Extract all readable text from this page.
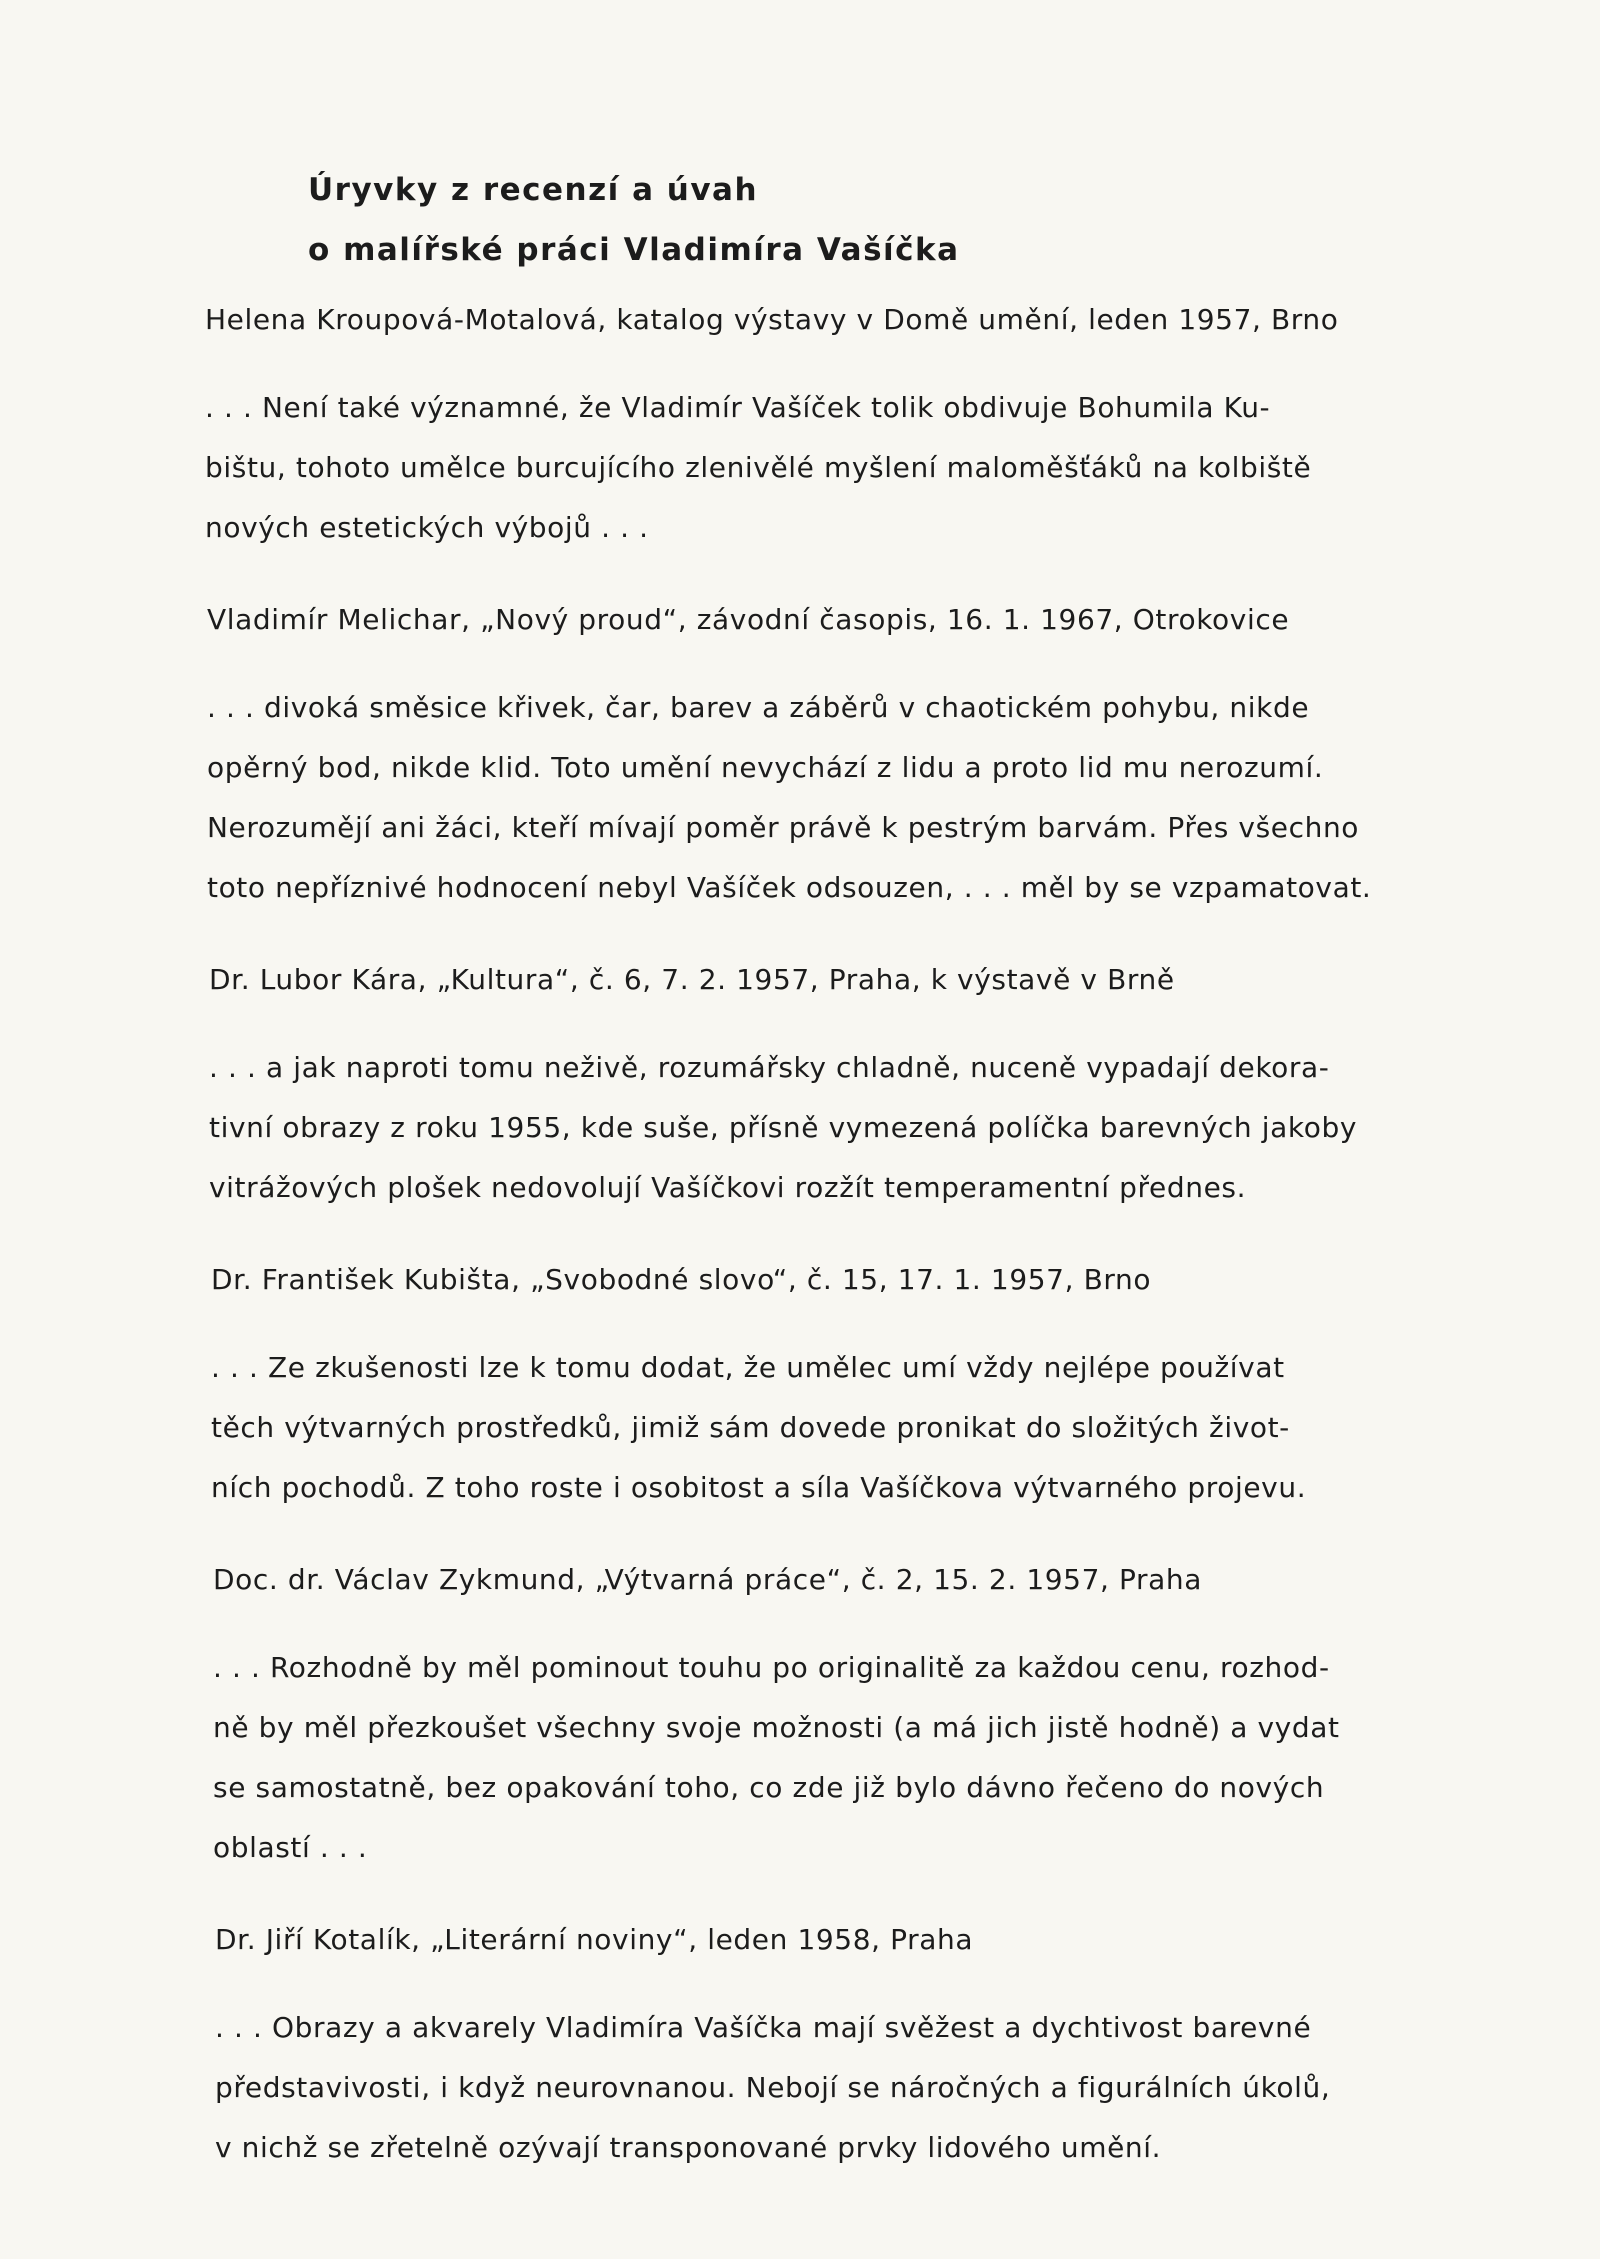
Úryvky z recenzí a úvah
o malířské práci Vladimíra Vašíčka

Helena Kroupová-Motalová, katalog výstavy v Domě umění, leden 1957, Brno

. . . Není také významné, že Vladimír Vašíček tolik obdivuje Bohumila Ku-
bištu, tohoto umělce burcujícího zlenivělé myšlení maloměšťáků na kolbiště
nových estetických výbojů . . .

Vladimír Melichar, „Nový proud“, závodní časopis, 16. 1. 1967, Otrokovice

. . . divoká směsice křivek, čar, barev a záběrů v chaotickém pohybu, nikde
opěrný bod, nikde klid. Toto umění nevychází z lidu a proto lid mu nerozumí.
Nerozumějí ani žáci, kteří mívají poměr právě k pestrým barvám. Přes všechno
toto nepříznivé hodnocení nebyl Vašíček odsouzen, . . . měl by se vzpamatovat.

Dr. Lubor Kára, „Kultura“, č. 6, 7. 2. 1957, Praha, k výstavě v Brně

. . . a jak naproti tomu neživě, rozumářsky chladně, nuceně vypadají dekora-
tivní obrazy z roku 1955, kde suše, přísně vymezená políčka barevných jakoby
vitrážových plošek nedovolují Vašíčkovi rozžít temperamentní přednes.

Dr. František Kubišta, „Svobodné slovo“, č. 15, 17. 1. 1957, Brno

. . . Ze zkušenosti lze k tomu dodat, že umělec umí vždy nejlépe používat
těch výtvarných prostředků, jimiž sám dovede pronikat do složitých život-
ních pochodů. Z toho roste i osobitost a síla Vašíčkova výtvarného projevu.

Doc. dr. Václav Zykmund, „Výtvarná práce“, č. 2, 15. 2. 1957, Praha

. . . Rozhodně by měl pominout touhu po originalitě za každou cenu, rozhod-
ně by měl přezkoušet všechny svoje možnosti (a má jich jistě hodně) a vydat
se samostatně, bez opakování toho, co zde již bylo dávno řečeno do nových
oblastí . . .

Dr. Jiří Kotalík, „Literární noviny“, leden 1958, Praha

. . . Obrazy a akvarely Vladimíra Vašíčka mají svěžest a dychtivost barevné
představivosti, i když neurovnanou. Nebojí se náročných a figurálních úkolů,
v nichž se zřetelně ozývají transponované prvky lidového umění.
